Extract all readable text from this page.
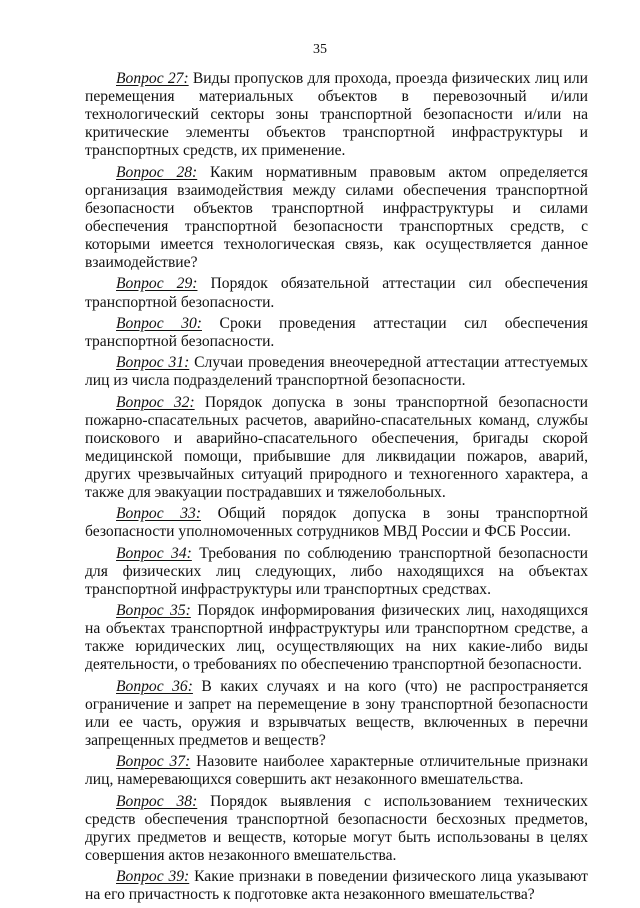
35

Вопрос 27: Виды пропусков для прохода, проезда физических лиц или перемещения материальных объектов в перевозочный и/или технологический секторы зоны транспортной безопасности и/или на критические элементы объектов транспортной инфраструктуры и транспортных средств, их применение.

Вопрос 28: Каким нормативным правовым актом определяется организация взаимодействия между силами обеспечения транспортной безопасности объектов транспортной инфраструктуры и силами обеспечения транспортной безопасности транспортных средств, с которыми имеется технологическая связь, как осуществляется данное взаимодействие?

Вопрос 29: Порядок обязательной аттестации сил обеспечения транспортной безопасности.

Вопрос 30: Сроки проведения аттестации сил обеспечения транспортной безопасности.

Вопрос 31: Случаи проведения внеочередной аттестации аттестуемых лиц из числа подразделений транспортной безопасности.

Вопрос 32: Порядок допуска в зоны транспортной безопасности пожарно-спасательных расчетов, аварийно-спасательных команд, службы поискового и аварийно-спасательного обеспечения, бригады скорой медицинской помощи, прибывшие для ликвидации пожаров, аварий, других чрезвычайных ситуаций природного и техногенного характера, а также для эвакуации пострадавших и тяжелобольных.

Вопрос 33: Общий порядок допуска в зоны транспортной безопасности уполномоченных сотрудников МВД России и ФСБ России.

Вопрос 34: Требования по соблюдению транспортной безопасности для физических лиц следующих, либо находящихся на объектах транспортной инфраструктуры или транспортных средствах.

Вопрос 35: Порядок информирования физических лиц, находящихся на объектах транспортной инфраструктуры или транспортном средстве, а также юридических лиц, осуществляющих на них какие-либо виды деятельности, о требованиях по обеспечению транспортной безопасности.

Вопрос 36: В каких случаях и на кого (что) не распространяется ограничение и запрет на перемещение в зону транспортной безопасности или ее часть, оружия и взрывчатых веществ, включенных в перечни запрещенных предметов и веществ?

Вопрос 37: Назовите наиболее характерные отличительные признаки лиц, намеревающихся совершить акт незаконного вмешательства.

Вопрос 38: Порядок выявления с использованием технических средств обеспечения транспортной безопасности бесхозных предметов, других предметов и веществ, которые могут быть использованы в целях совершения актов незаконного вмешательства.

Вопрос 39: Какие признаки в поведении физического лица указывают на его причастность к подготовке акта незаконного вмешательства?
